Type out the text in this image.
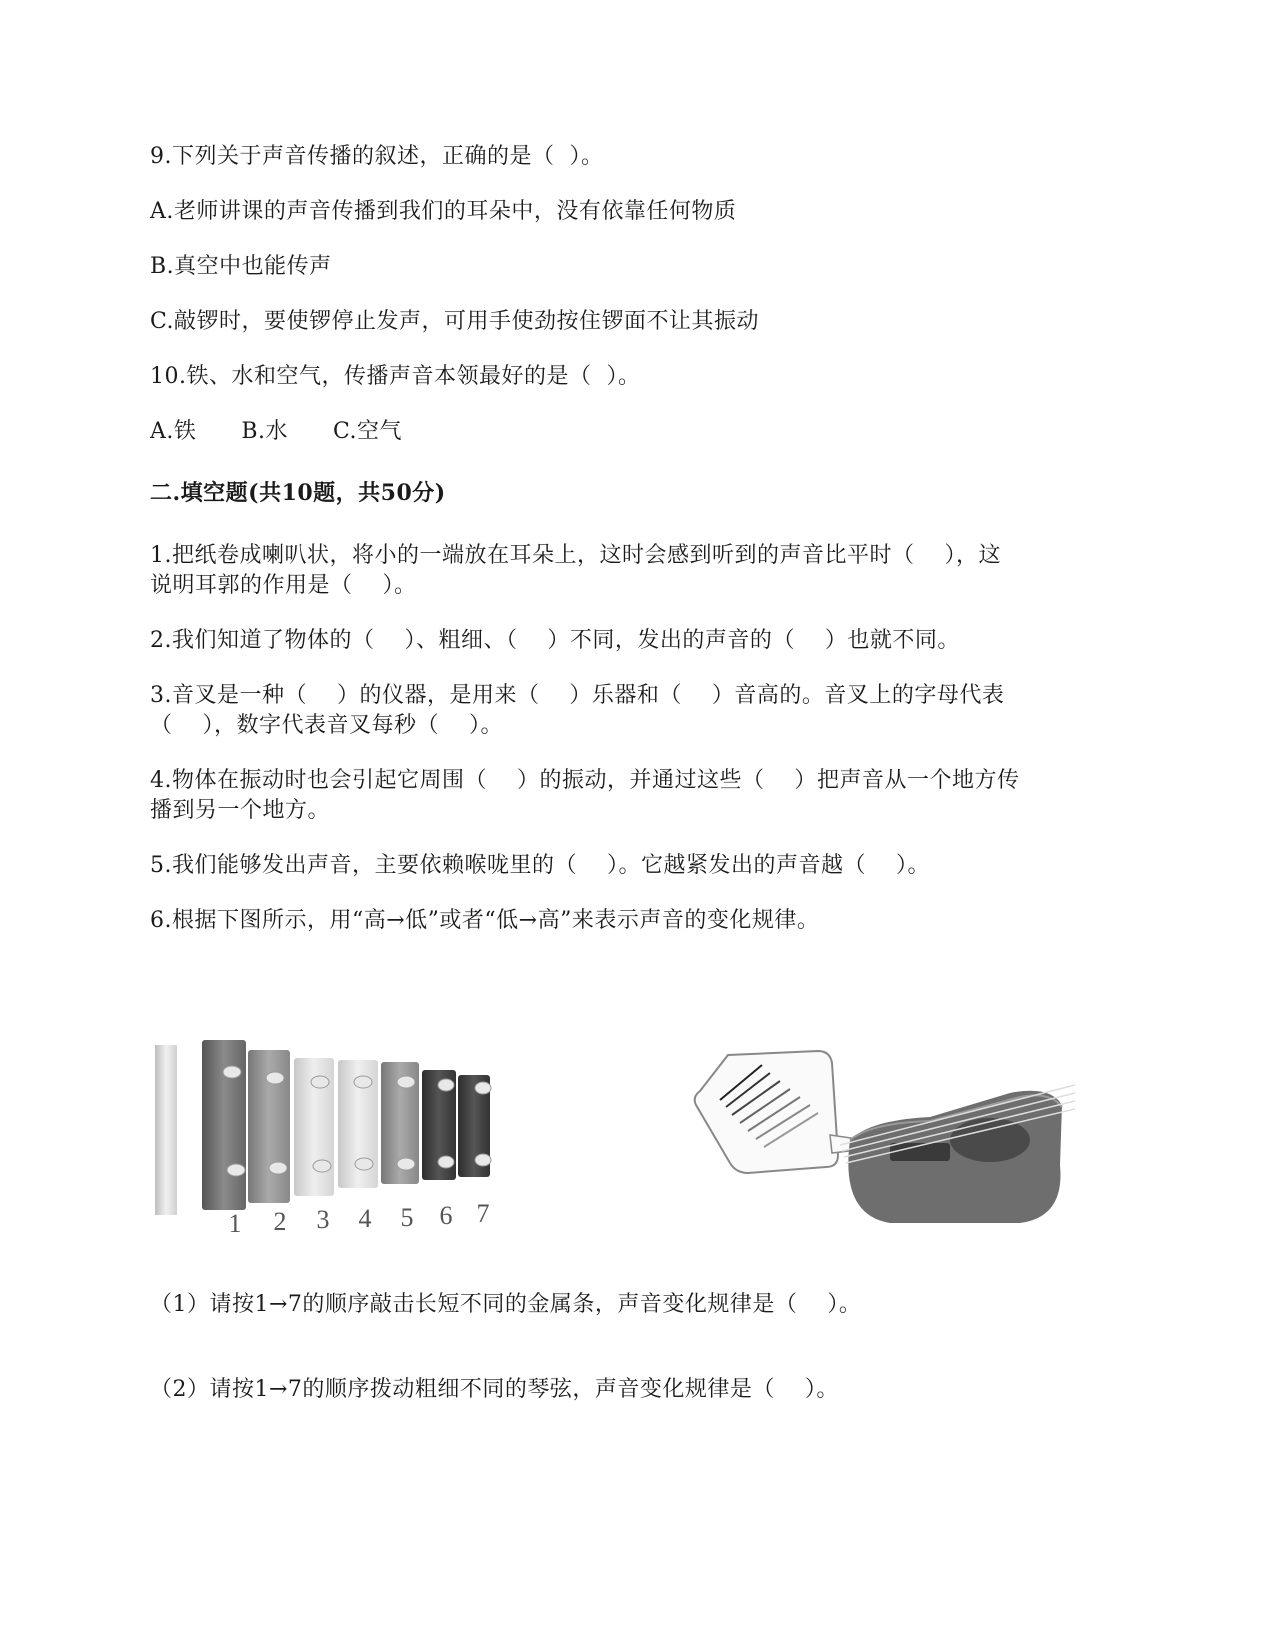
9.下列关于声音传播的叙述，正确的是（  ）。
A.老师讲课的声音传播到我们的耳朵中，没有依靠任何物质
B.真空中也能传声
C.敲锣时，要使锣停止发声，可用手使劲按住锣面不让其振动
10.铁、水和空气，传播声音本领最好的是（  ）。
A.铁      B.水      C.空气
二.填空题(共10题，共50分)
1.把纸卷成喇叭状，将小的一端放在耳朵上，这时会感到听到的声音比平时（    ），这
说明耳郭的作用是（    ）。
2.我们知道了物体的（    ）、粗细、（    ）不同，发出的声音的（    ）也就不同。
3.音叉是一种（    ）的仪器，是用来（    ）乐器和（    ）音高的。音叉上的字母代表
（    ），数字代表音叉每秒（    ）。
4.物体在振动时也会引起它周围（    ）的振动，并通过这些（    ）把声音从一个地方传
播到另一个地方。
5.我们能够发出声音，主要依赖喉咙里的（    ）。它越紧发出的声音越（    ）。
6.根据下图所示，用“高→低”或者“低→高”来表示声音的变化规律。
1 2 3 4 5 6 7
（1）请按1→7的顺序敲击长短不同的金属条，声音变化规律是（    ）。
（2）请按1→7的顺序拨动粗细不同的琴弦，声音变化规律是（    ）。
